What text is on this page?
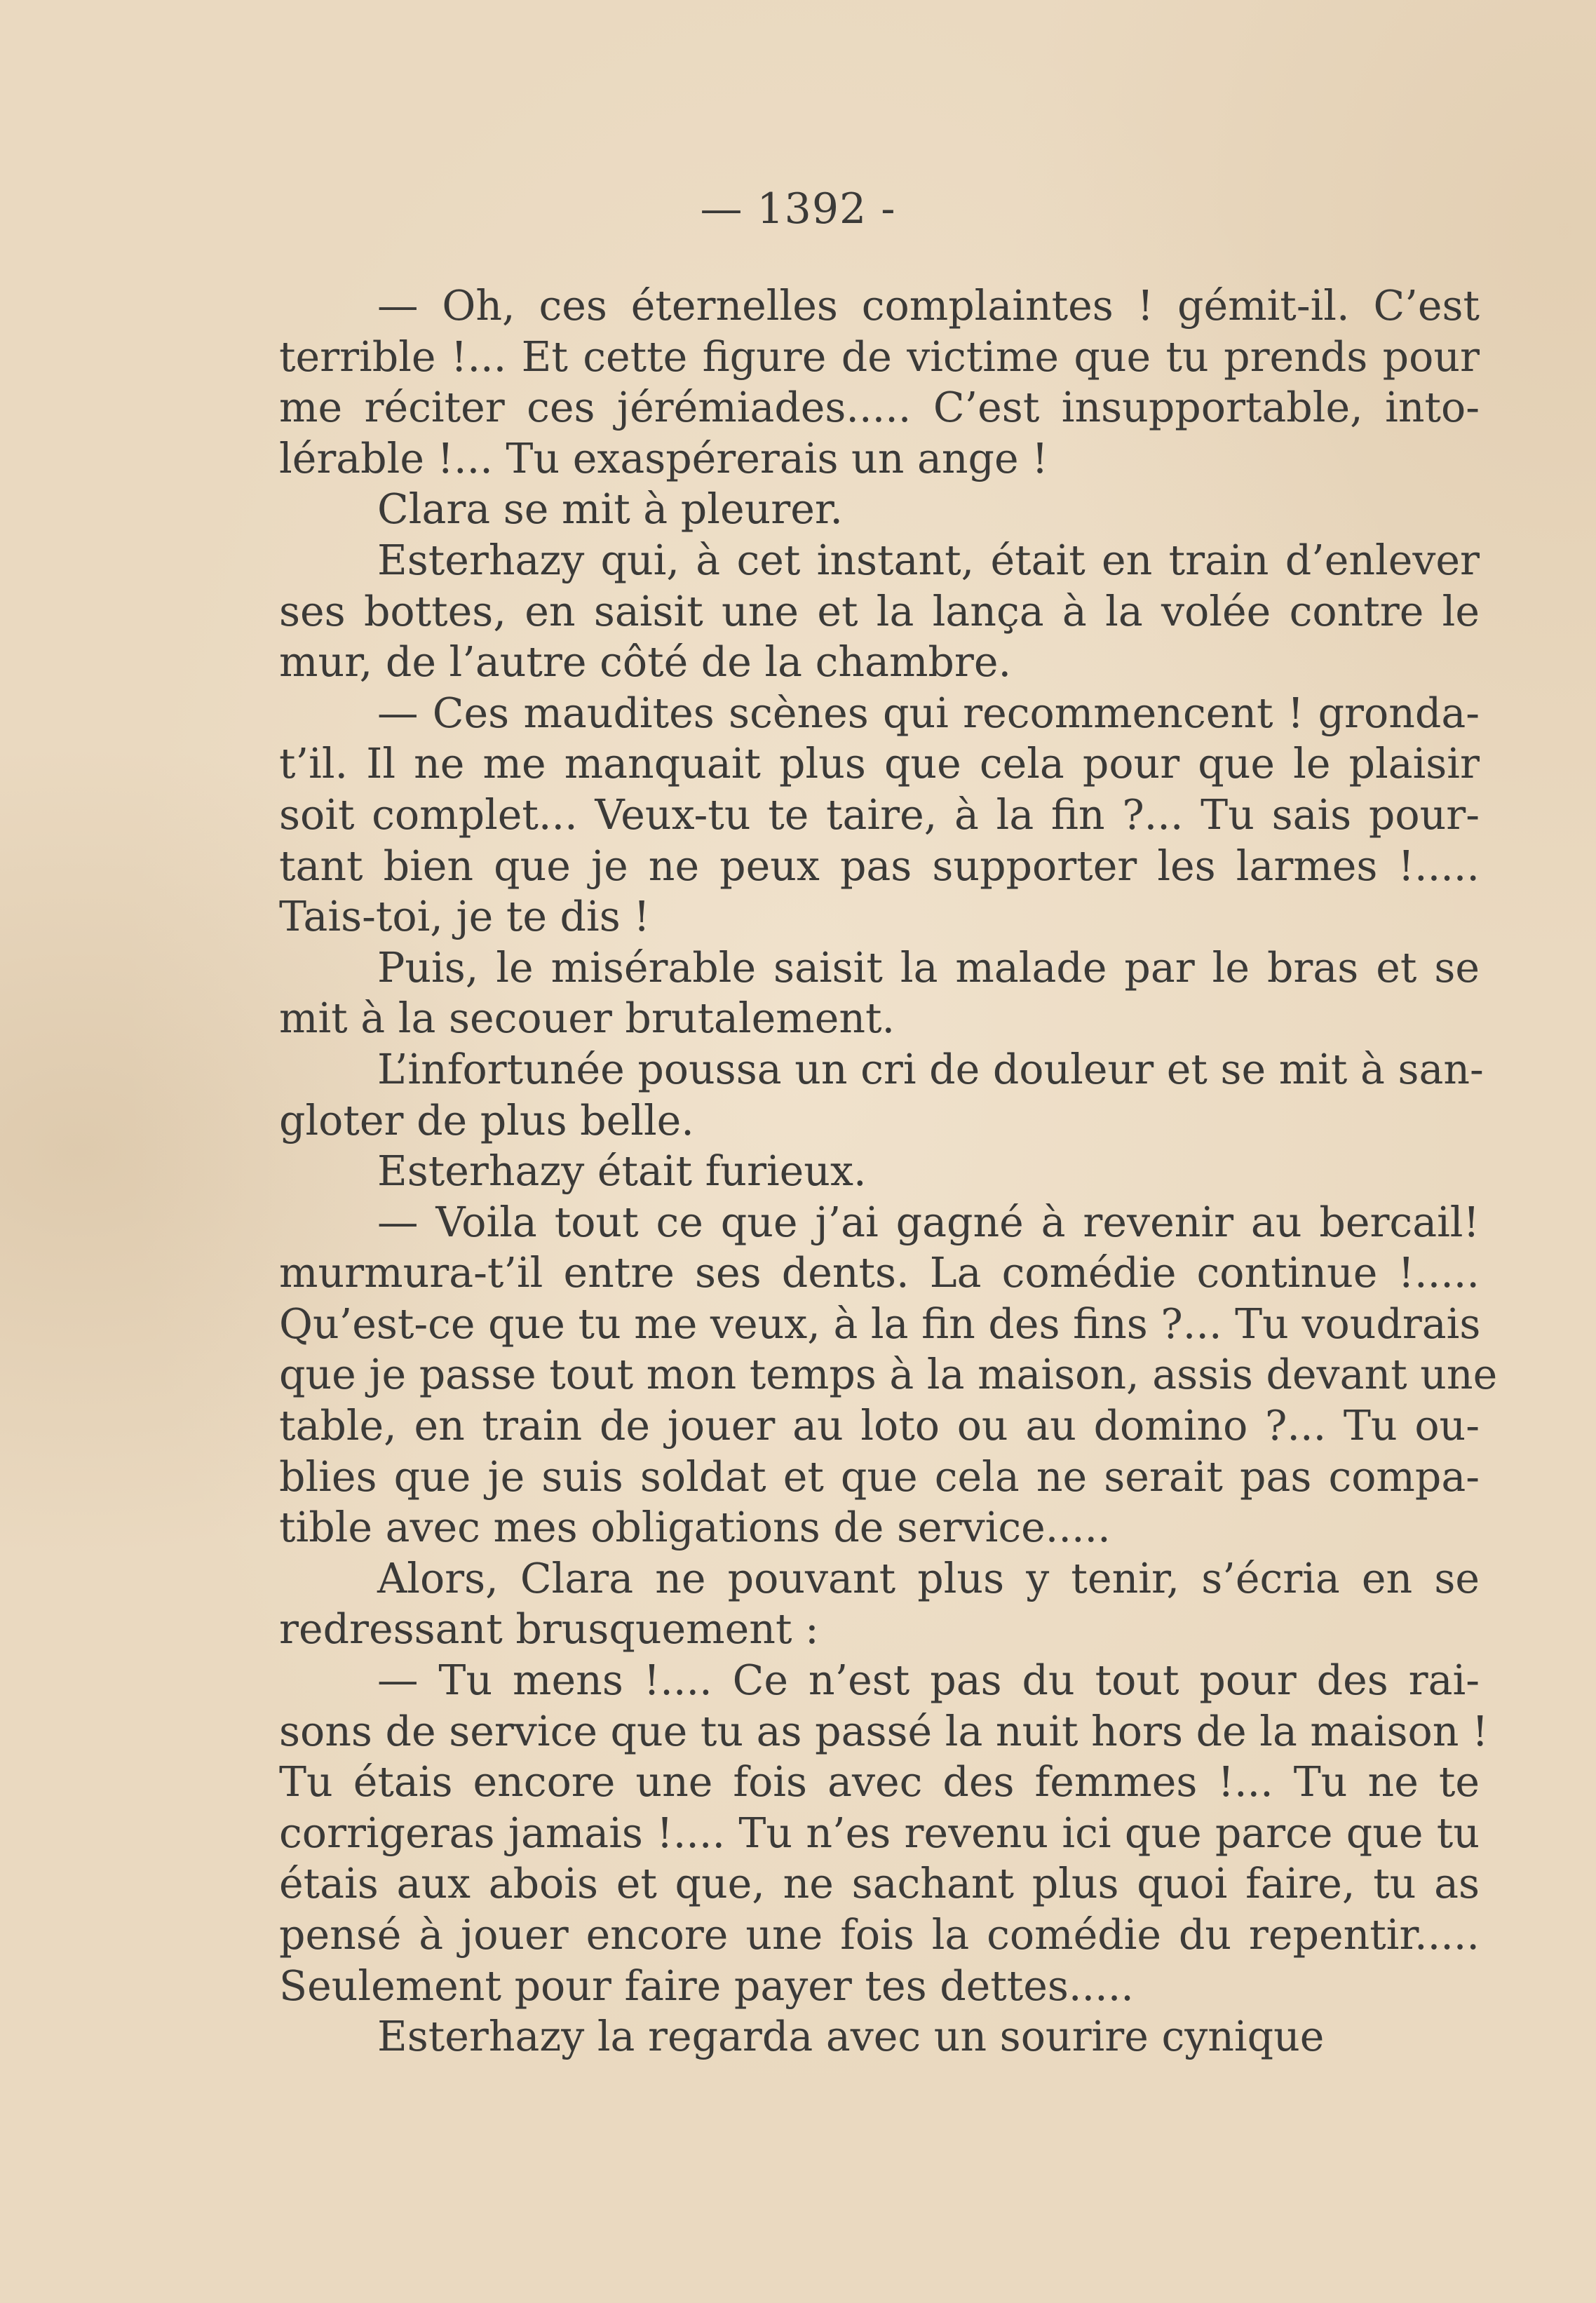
— 1392 -
— Oh, ces éternelles complaintes ! gémit-il. C’est
terrible !... Et cette figure de victime que tu prends pour
me réciter ces jérémiades..... C’est insupportable, into-
lérable !... Tu exaspérerais un ange !
Clara se mit à pleurer.
Esterhazy qui, à cet instant, était en train d’enlever
ses bottes, en saisit une et la lança à la volée contre le
mur, de l’autre côté de la chambre.
— Ces maudites scènes qui recommencent ! gronda-
t’il. Il ne me manquait plus que cela pour que le plaisir
soit complet... Veux-tu te taire, à la fin ?... Tu sais pour-
tant bien que je ne peux pas supporter les larmes !.....
Tais-toi, je te dis !
Puis, le misérable saisit la malade par le bras et se
mit à la secouer brutalement.
L’infortunée poussa un cri de douleur et se mit à san-
gloter de plus belle.
Esterhazy était furieux.
— Voila tout ce que j’ai gagné à revenir au bercail!
murmura-t’il entre ses dents. La comédie continue !.....
Qu’est-ce que tu me veux, à la fin des fins ?... Tu voudrais
que je passe tout mon temps à la maison, assis devant une
table, en train de jouer au loto ou au domino ?... Tu ou-
blies que je suis soldat et que cela ne serait pas compa-
tible avec mes obligations de service.....
Alors, Clara ne pouvant plus y tenir, s’écria en se
redressant brusquement :
— Tu mens !.... Ce n’est pas du tout pour des rai-
sons de service que tu as passé la nuit hors de la maison !
Tu étais encore une fois avec des femmes !... Tu ne te
corrigeras jamais !.... Tu n’es revenu ici que parce que tu
étais aux abois et que, ne sachant plus quoi faire, tu as
pensé à jouer encore une fois la comédie du repentir.....
Seulement pour faire payer tes dettes.....
Esterhazy la regarda avec un sourire cynique
